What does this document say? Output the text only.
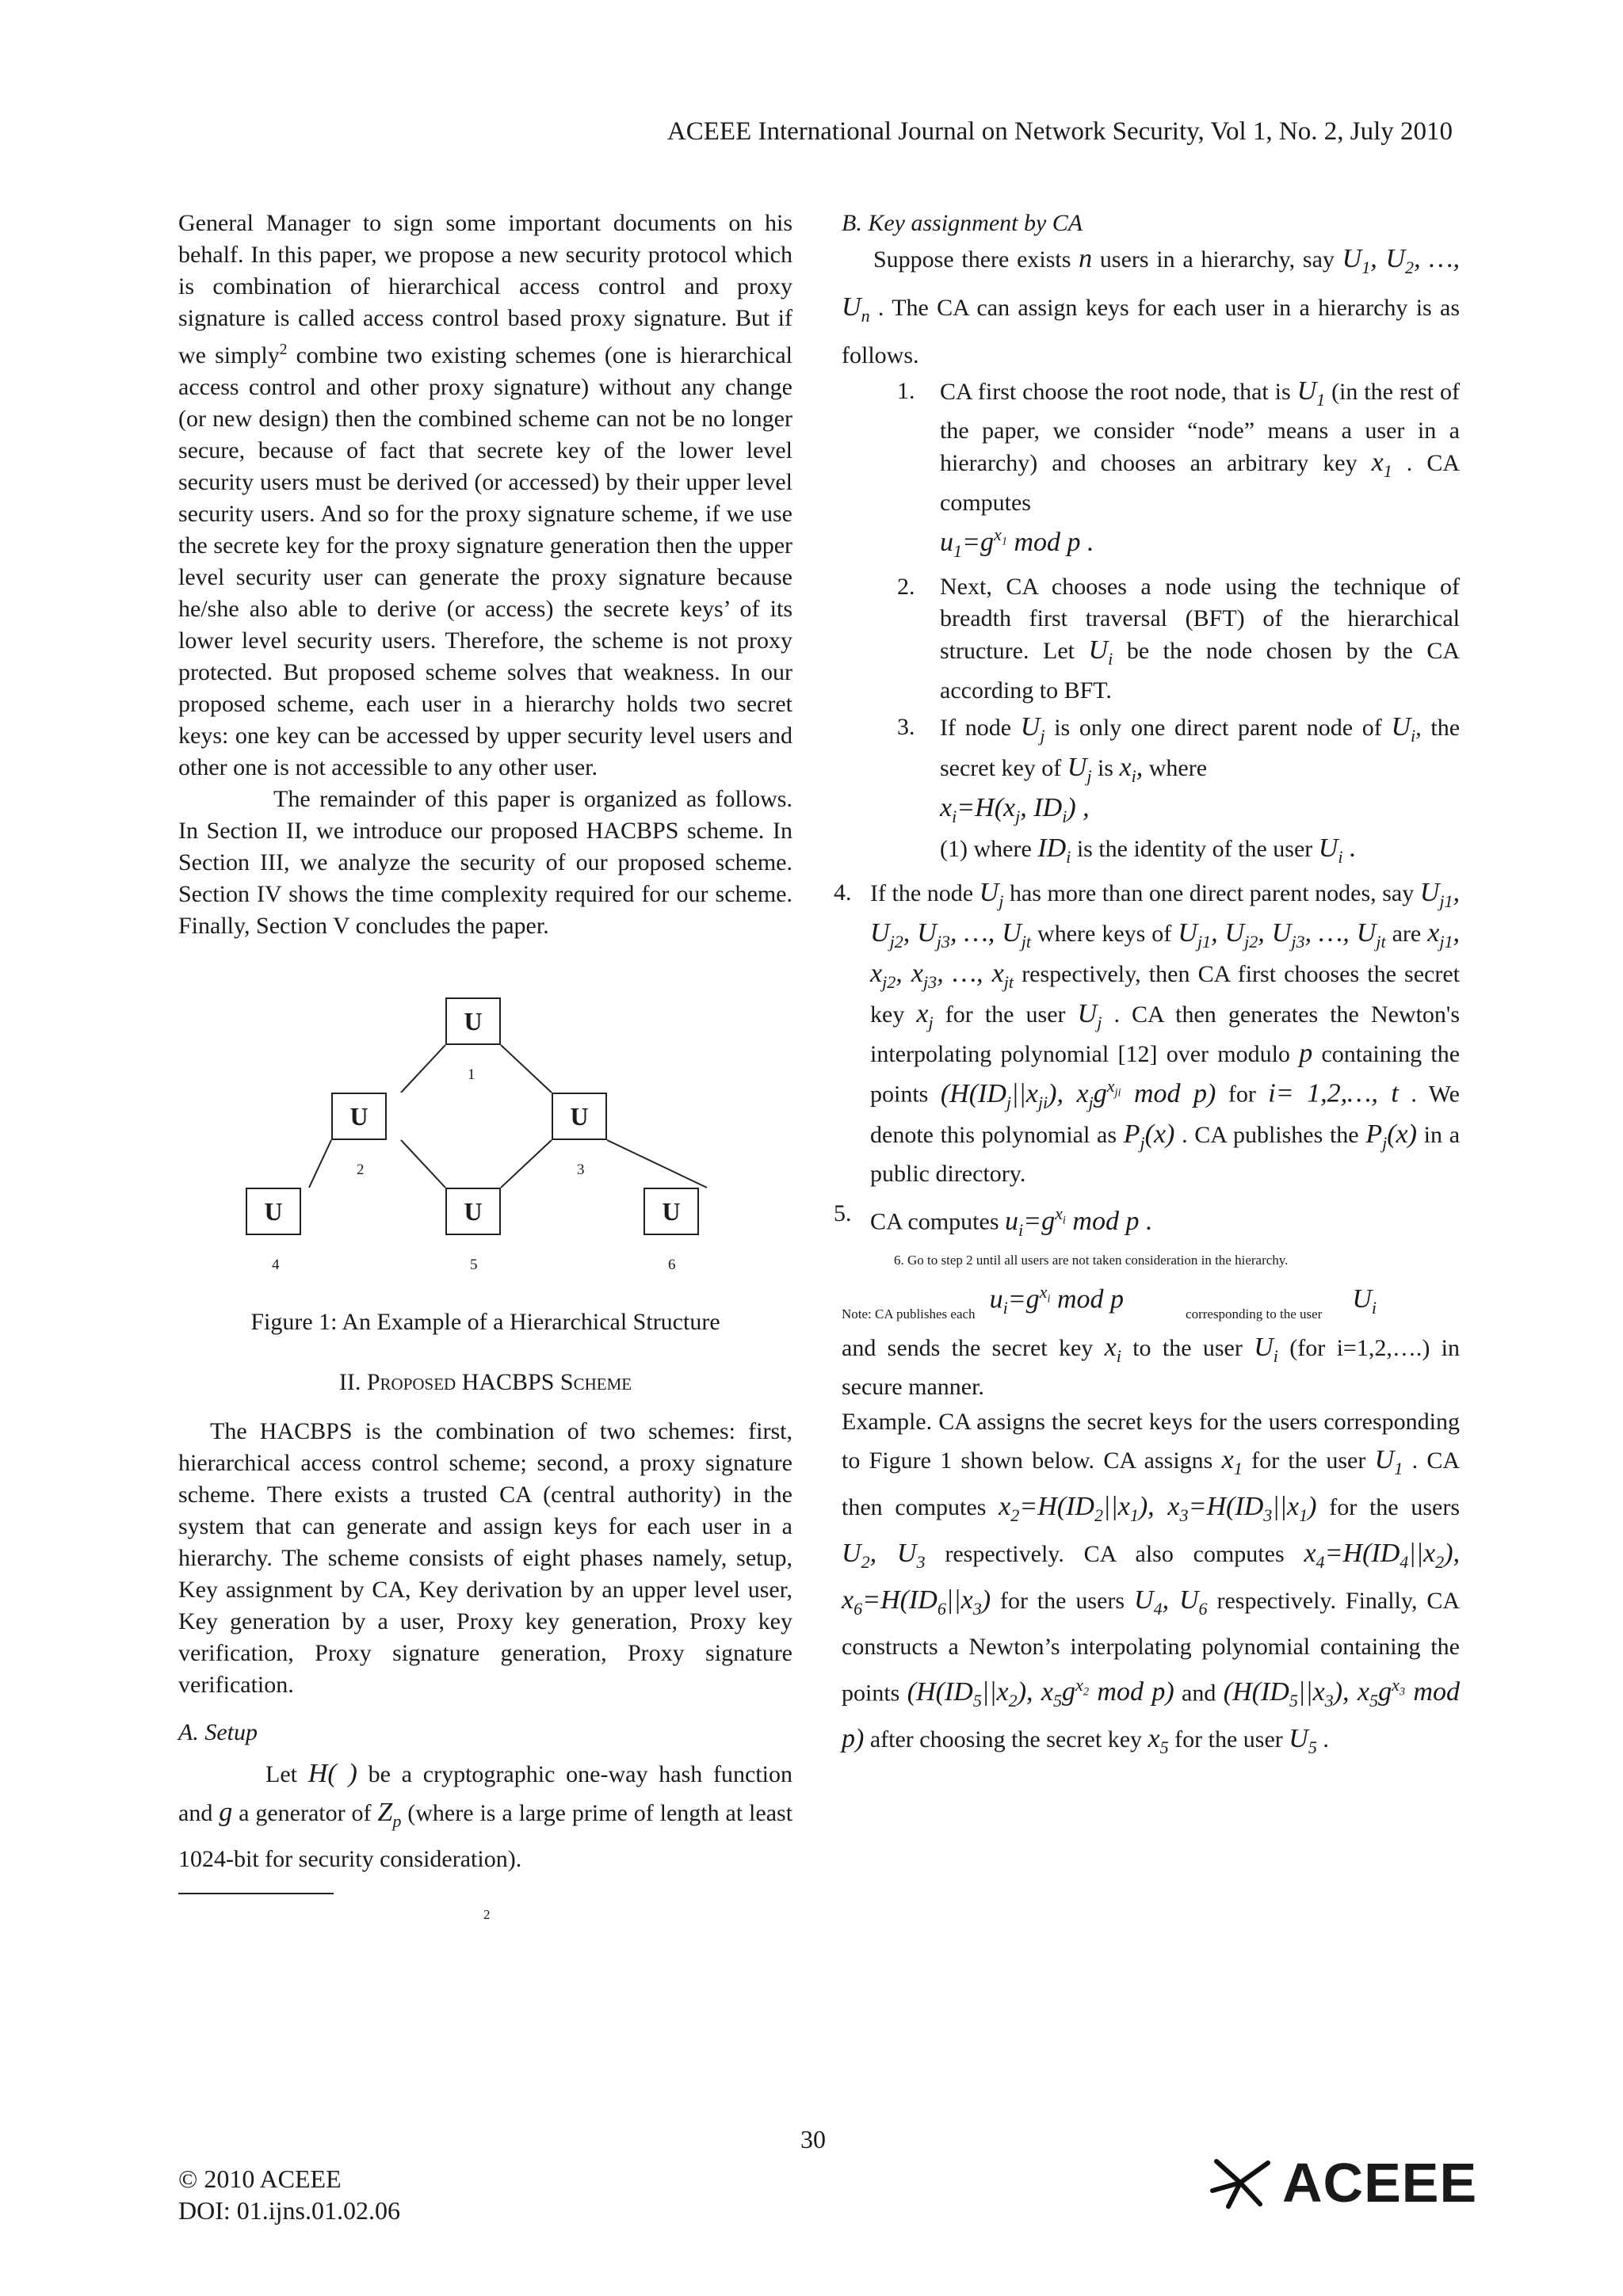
ACEEE International Journal on Network Security, Vol 1, No. 2, July 2010

General Manager to sign some important documents on his behalf. In this paper, we propose a new security protocol which is combination of hierarchical access control and proxy signature is called access control based proxy signature. But if we simply$^2$ combine two existing schemes (one is hierarchical access control and other proxy signature) without any change (or new design) then the combined scheme can not be no longer secure, because of fact that secrete key of the lower level security users must be derived (or accessed) by their upper level security users. And so for the proxy signature scheme, if we use the secrete key for the proxy signature generation then the upper level security user can generate the proxy signature because he/she also able to derive (or access) the secrete keys’ of its lower level security users. Therefore, the scheme is not proxy protected. But proposed scheme solves that weakness. In our proposed scheme, each user in a hierarchy holds two secret keys: one key can be accessed by upper security level users and other one is not accessible to any other user.

The remainder of this paper is organized as follows. In Section II, we introduce our proposed HACBPS scheme. In Section III, we analyze the security of our proposed scheme. Section IV shows the time complexity required for our scheme. Finally, Section V concludes the paper.

U
1
U
2
U
3
U
4
U
5
U
6
Figure 1: An Example of a Hierarchical Structure
II. Proposed HACBPS Scheme

The HACBPS is the combination of two schemes: first, hierarchical access control scheme; second, a proxy signature scheme. There exists a trusted CA (central authority) in the system that can generate and assign keys for each user in a hierarchy. The scheme consists of eight phases namely, setup, Key assignment by CA, Key derivation by an upper level user, Key generation by a user, Proxy key generation, Proxy key verification, Proxy signature generation, Proxy signature verification.

A. Setup

Let H( ) be a cryptographic one-way hash function and g a generator of $Z_p$ (where is a large prime of length at least 1024-bit for security consideration).

2
B. Key assignment by CA

Suppose there exists n users in a hierarchy, say $U_1$, $U_2$, …, $U_n$ . The CA can assign keys for each user in a hierarchy is as follows.

1. CA first choose the root node, that is $U_1$ (in the rest of the paper, we consider “node” means a user in a hierarchy) and chooses an arbitrary key $x_1$ . CA computes
$u_1=g^{x_1}$ mod p .
2. Next, CA chooses a node using the technique of breadth first traversal (BFT) of the hierarchical structure. Let $U_i$ be the node chosen by the CA according to BFT.
3. If node $U_j$ is only one direct parent node of $U_i$, the secret key of $U_j$ is $x_i$, where
$x_i=H(x_j$, $ID_i$) ,
(1) where $ID_i$ is the identity of the user $U_i$ .
4. If the node $U_j$ has more than one direct parent nodes, say $U_{j1}$, $U_{j2}$, $U_{j3}$, …, $U_{jt}$ where keys of $U_{j1}$, $U_{j2}$, $U_{j3}$, …, $U_{jt}$ are $x_{j1}$, $x_{j2}$, $x_{j3}$, …, $x_{jt}$ respectively, then CA first chooses the secret key $x_j$ for the user $U_j$ . CA then generates the Newton's interpolating polynomial [12] over modulo p containing the points ($H(ID_j||x_{ji})$, $x_jg^{x_{ji}}$ mod p) for i= 1,2,…, t . We denote this polynomial as $P_j(x)$ . CA publishes the $P_j(x)$ in a public directory.
5. CA computes $u_i=g^{x_i}$ mod p .
6. Go to step 2 until all users are not taken consideration in the hierarchy.
Note: CA publishes each
$u_i=g^{x_i}$ mod p
corresponding to the user
$U_i$

and sends the secret key $x_i$ to the user $U_i$ (for i=1,2,….) in secure manner.

Example. CA assigns the secret keys for the users corresponding to Figure 1 shown below. CA assigns $x_1$ for the user $U_1$ . CA then computes $x_2=H(ID_2||x_1)$, $x_3=H(ID_3||x_1)$ for the users $U_2$, $U_3$ respectively. CA also computes $x_4=H(ID_4||x_2)$, $x_6=H(ID_6||x_3)$ for the users $U_4$, $U_6$ respectively. Finally, CA constructs a Newton’s interpolating polynomial containing the points ($H(ID_5||x_2)$, $x_5g^{x_2}$ mod p) and ($H(ID_5||x_3)$, $x_5g^{x_3}$ mod p) after choosing the secret key $x_5$ for the user $U_5$ .

30
© 2010 ACEEE
DOI: 01.ijns.01.02.06	ACEEE
